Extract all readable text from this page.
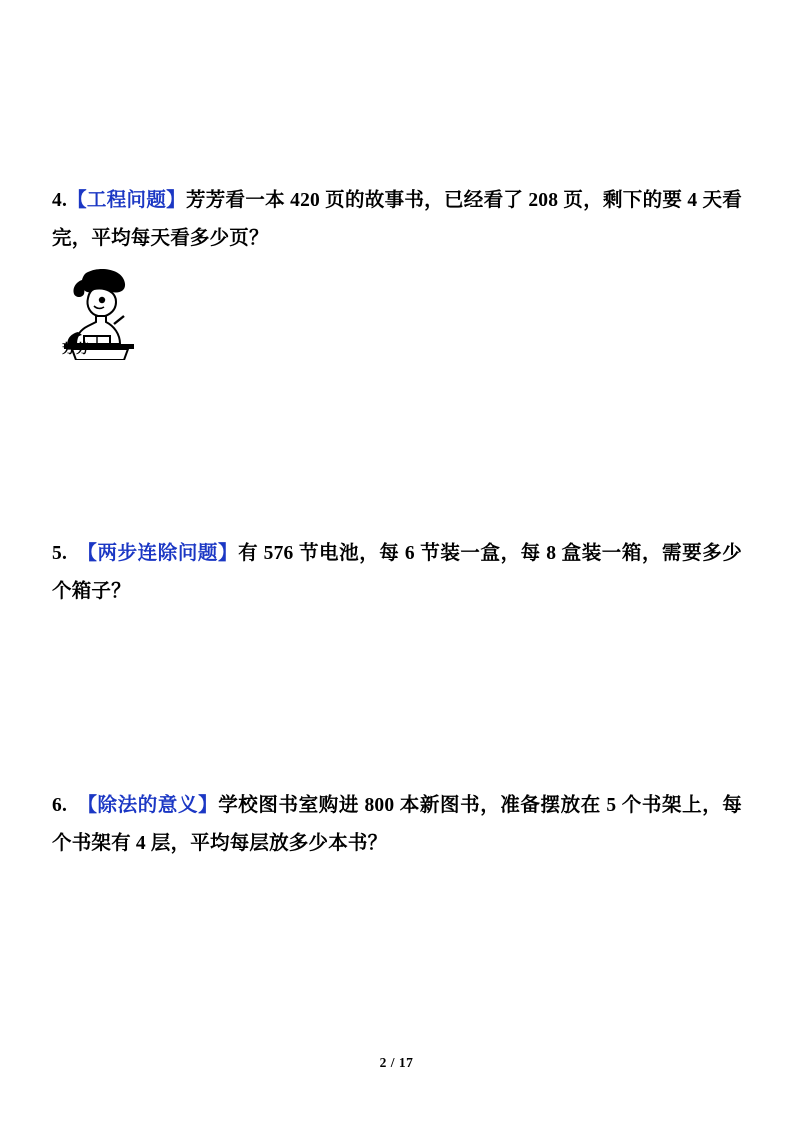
4.【工程问题】芳芳看一本 420 页的故事书，已经看了 208 页，剩下的要 4 天看完，平均每天看多少页？
芳芳
5. 【两步连除问题】有 576 节电池，每 6 节装一盒，每 8 盒装一箱，需要多少个箱子？
6. 【除法的意义】学校图书室购进 800 本新图书，准备摆放在 5 个书架上，每个书架有 4 层，平均每层放多少本书？
2 / 17
